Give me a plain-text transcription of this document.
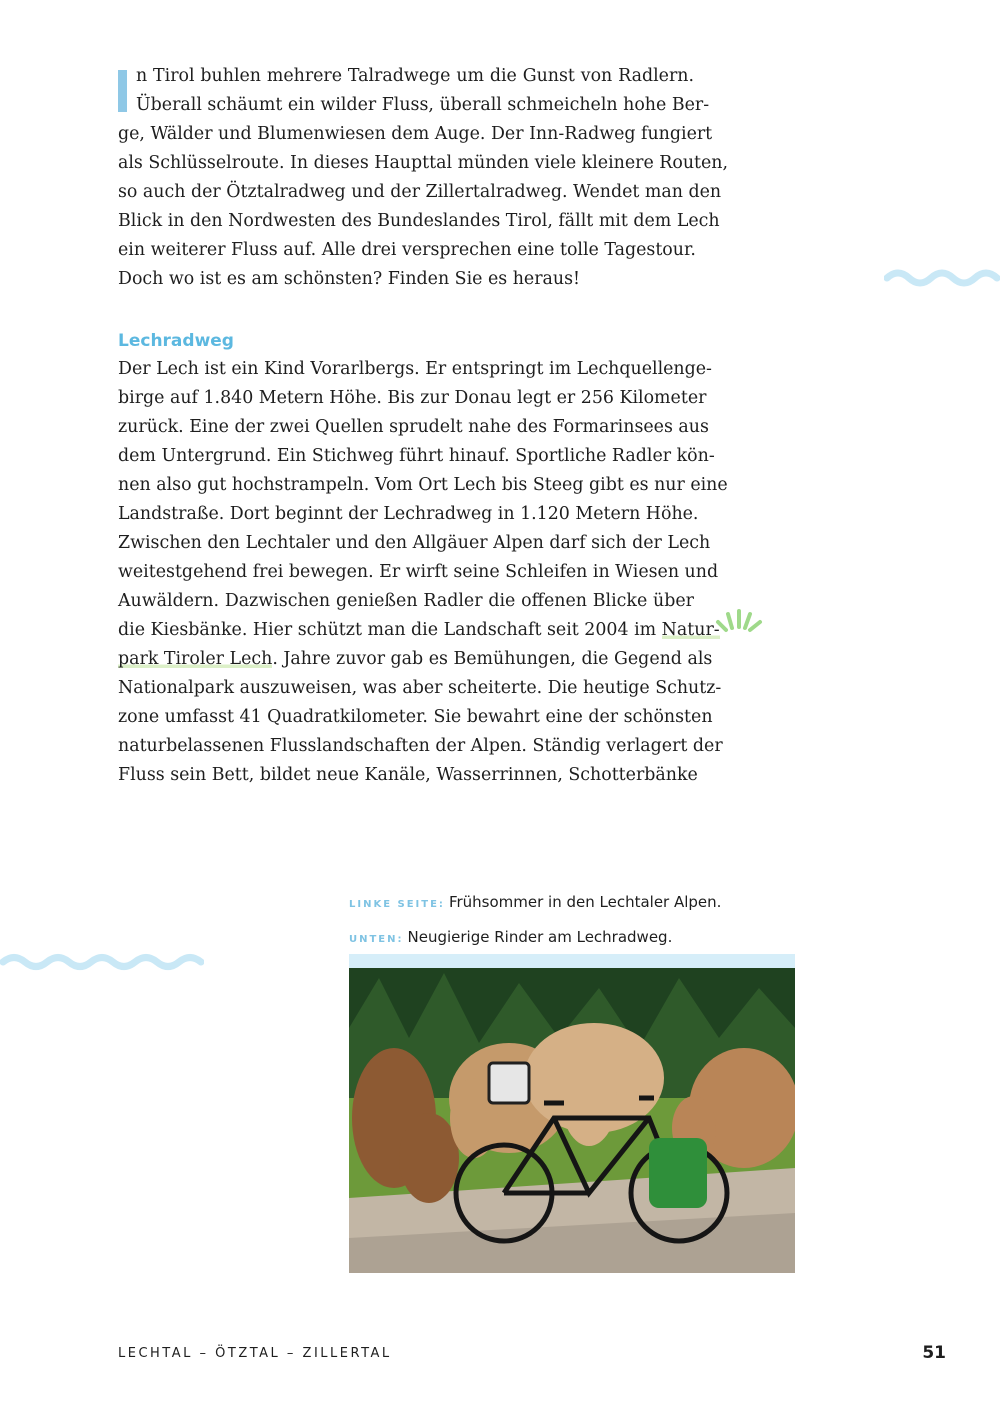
n Tirol buhlen mehrere Talradwege um die Gunst von Radlern.
Überall schäumt ein wilder Fluss, überall schmeicheln hohe Ber-
ge, Wälder und Blumenwiesen dem Auge. Der Inn-Radweg fungiert
als Schlüsselroute. In dieses Haupttal münden viele kleinere Routen,
so auch der Ötztalradweg und der Zillertalradweg. Wendet man den
Blick in den Nordwesten des Bundeslandes Tirol, fällt mit dem Lech
ein weiterer Fluss auf. Alle drei versprechen eine tolle Tagestour.
Doch wo ist es am schönsten? Finden Sie es heraus!
Lechradweg
Der Lech ist ein Kind Vorarlbergs. Er entspringt im Lechquellenge-
birge auf 1.840 Metern Höhe. Bis zur Donau legt er 256 Kilometer
zurück. Eine der zwei Quellen sprudelt nahe des Formarinsees aus
dem Untergrund. Ein Stichweg führt hinauf. Sportliche Radler kön-
nen also gut hochstrampeln. Vom Ort Lech bis Steeg gibt es nur eine
Landstraße. Dort beginnt der Lechradweg in 1.120 Metern Höhe.
Zwischen den Lechtaler und den Allgäuer Alpen darf sich der Lech
weitestgehend frei bewegen. Er wirft seine Schleifen in Wiesen und
Auwäldern. Dazwischen genießen Radler die offenen Blicke über
die Kiesbänke. Hier schützt man die Landschaft seit 2004 im Natur-
park Tiroler Lech. Jahre zuvor gab es Bemühungen, die Gegend als
Nationalpark auszuweisen, was aber scheiterte. Die heutige Schutz-
zone umfasst 41 Quadratkilometer. Sie bewahrt eine der schönsten
naturbelassenen Flusslandschaften der Alpen. Ständig verlagert der
Fluss sein Bett, bildet neue Kanäle, Wasserrinnen, Schotterbänke

LINKE SEITE: Frühsommer in den Lechtaler Alpen.

UNTEN: Neugierige Rinder am Lechradweg.

LECHTAL – ÖTZTAL – ZILLERTAL	51
